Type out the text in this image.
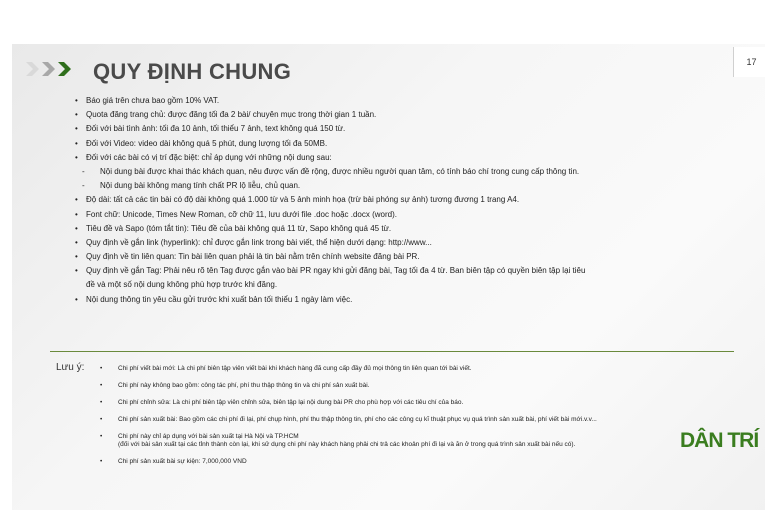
QUY ĐỊNH CHUNG	17

• Báo giá trên chưa bao gồm 10% VAT.

• Quota đăng trang chủ: được đăng tối đa 2 bài/ chuyên mục trong thời gian 1 tuần.

• Đối với bài tình ảnh: tối đa 10 ảnh, tối thiểu 7 ảnh, text không quá 150 từ.

• Đối với Video: video dài không quá 5 phút, dung lượng tối đa 50MB.

• Đối với các bài có vị trí đặc biệt: chỉ áp dụng với những nội dung sau:

- Nội dung bài được khai thác khách quan, nêu được vấn đề rộng, được nhiều người quan tâm, có tính báo chí trong cung cấp thông tin.

- Nội dung bài không mang tính chất PR lộ liễu, chủ quan.

• Độ dài: tất cả các tin bài có độ dài không quá 1.000 từ và 5 ảnh minh họa (trừ bài phóng sự ảnh) tương đương 1 trang A4.

• Font chữ: Unicode, Times New Roman, cỡ chữ 11, lưu dưới file .doc hoặc .docx (word).

• Tiêu đề và Sapo (tóm tắt tin): Tiêu đề của bài không quá 11 từ, Sapo không quá 45 từ.

• Quy định về gắn link (hyperlink): chỉ được gắn link trong bài viết, thể hiện dưới dạng: http://www...

• Quy định về tin liên quan: Tin bài liên quan phải là tin bài nằm trên chính website đăng bài PR.

• Quy định về gắn Tag: Phải nêu rõ tên Tag được gắn vào bài PR ngay khi gửi đăng bài, Tag tối đa 4 từ. Ban biên tập có quyền biên tập lại tiêu
đề và một số nội dung không phù hợp trước khi đăng.

• Nội dung thông tin yêu cầu gửi trước khi xuất bản tối thiểu 1 ngày làm việc.

Lưu ý:

•	Chi phí viết bài mới: Là chi phí biên tập viên viết bài khi khách hàng đã cung cấp đầy đủ mọi thông tin liên quan tới bài viết.

• Chi phí này không bao gồm: công tác phí, phí thu thập thông tin và chi phí sản xuất bài.

• Chi phí chỉnh sửa: Là chi phí biên tập viên chỉnh sửa, biên tập lại nội dung bài PR cho phù hợp với các tiêu chí của báo.

• Chi phí sản xuất bài: Bao gồm các chi phí đi lại, phí chụp hình, phí thu thập thông tin, phí cho các công cụ kĩ thuật phục vụ quá trình sản xuất bài, phí viết bài mới.v.v...

• Chi phí này chỉ áp dụng với bài sản xuất tại Hà Nội và TP.HCM
(đối với bài sản xuất tại các tỉnh thành còn lại, khi sử dụng chi phí này khách hàng phải chi trả các khoản phí đi lại và ăn ở trong quá trình sản xuất bài nếu có).

• Chi phí sản xuất bài sự kiện: 7,000,000 VND

DÂN TRÍ
